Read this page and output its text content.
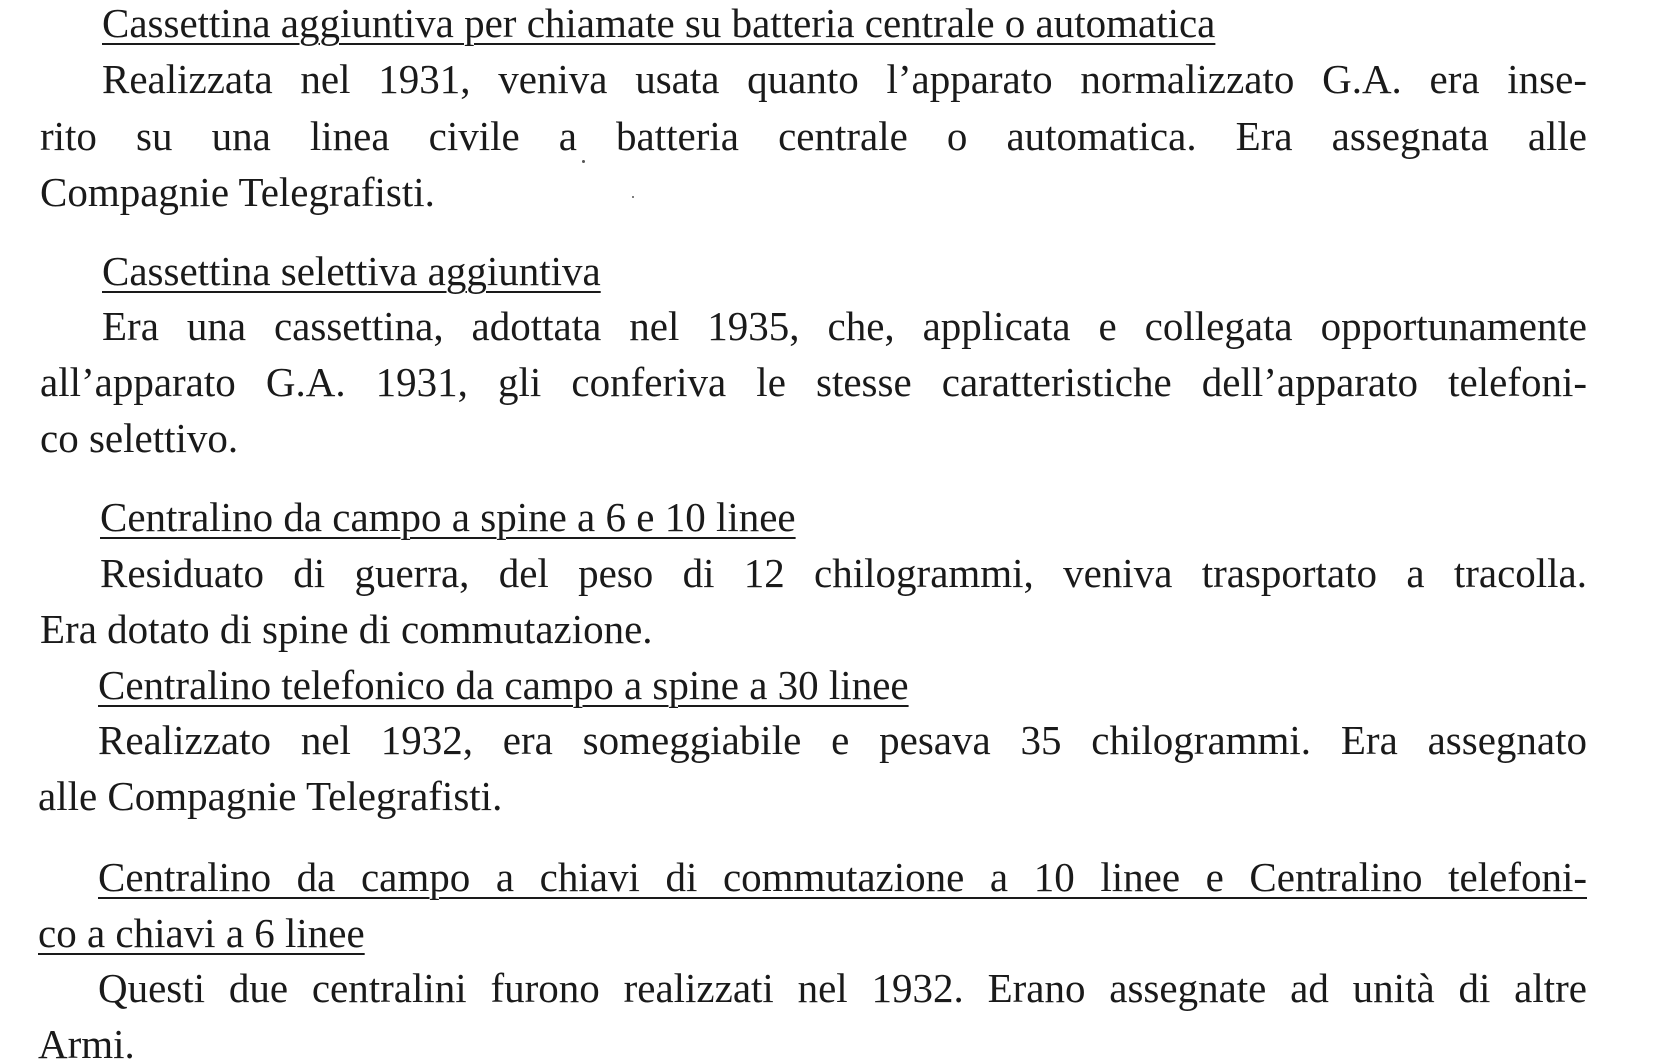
Cassettina aggiuntiva per chiamate su batteria centrale o automatica
Realizzata nel 1931, veniva usata quanto l’apparato normalizzato G.A. era inse-
rito su una linea civile a batteria centrale o automatica. Era assegnata alle
Compagnie Telegrafisti.
Cassettina selettiva aggiuntiva
Era una cassettina, adottata nel 1935, che, applicata e collegata opportunamente
all’apparato G.A. 1931, gli conferiva le stesse caratteristiche dell’apparato telefoni-
co selettivo.
Centralino da campo a spine a 6 e 10 linee
Residuato di guerra, del peso di 12 chilogrammi, veniva trasportato a tracolla.
Era dotato di spine di commutazione.
Centralino telefonico da campo a spine a 30 linee
Realizzato nel 1932, era someggiabile e pesava 35 chilogrammi. Era assegnato
alle Compagnie Telegrafisti.
Centralino da campo a chiavi di commutazione a 10 linee e Centralino telefoni-
co a chiavi a 6 linee
Questi due centralini furono realizzati nel 1932. Erano assegnate ad unità di altre
Armi.
